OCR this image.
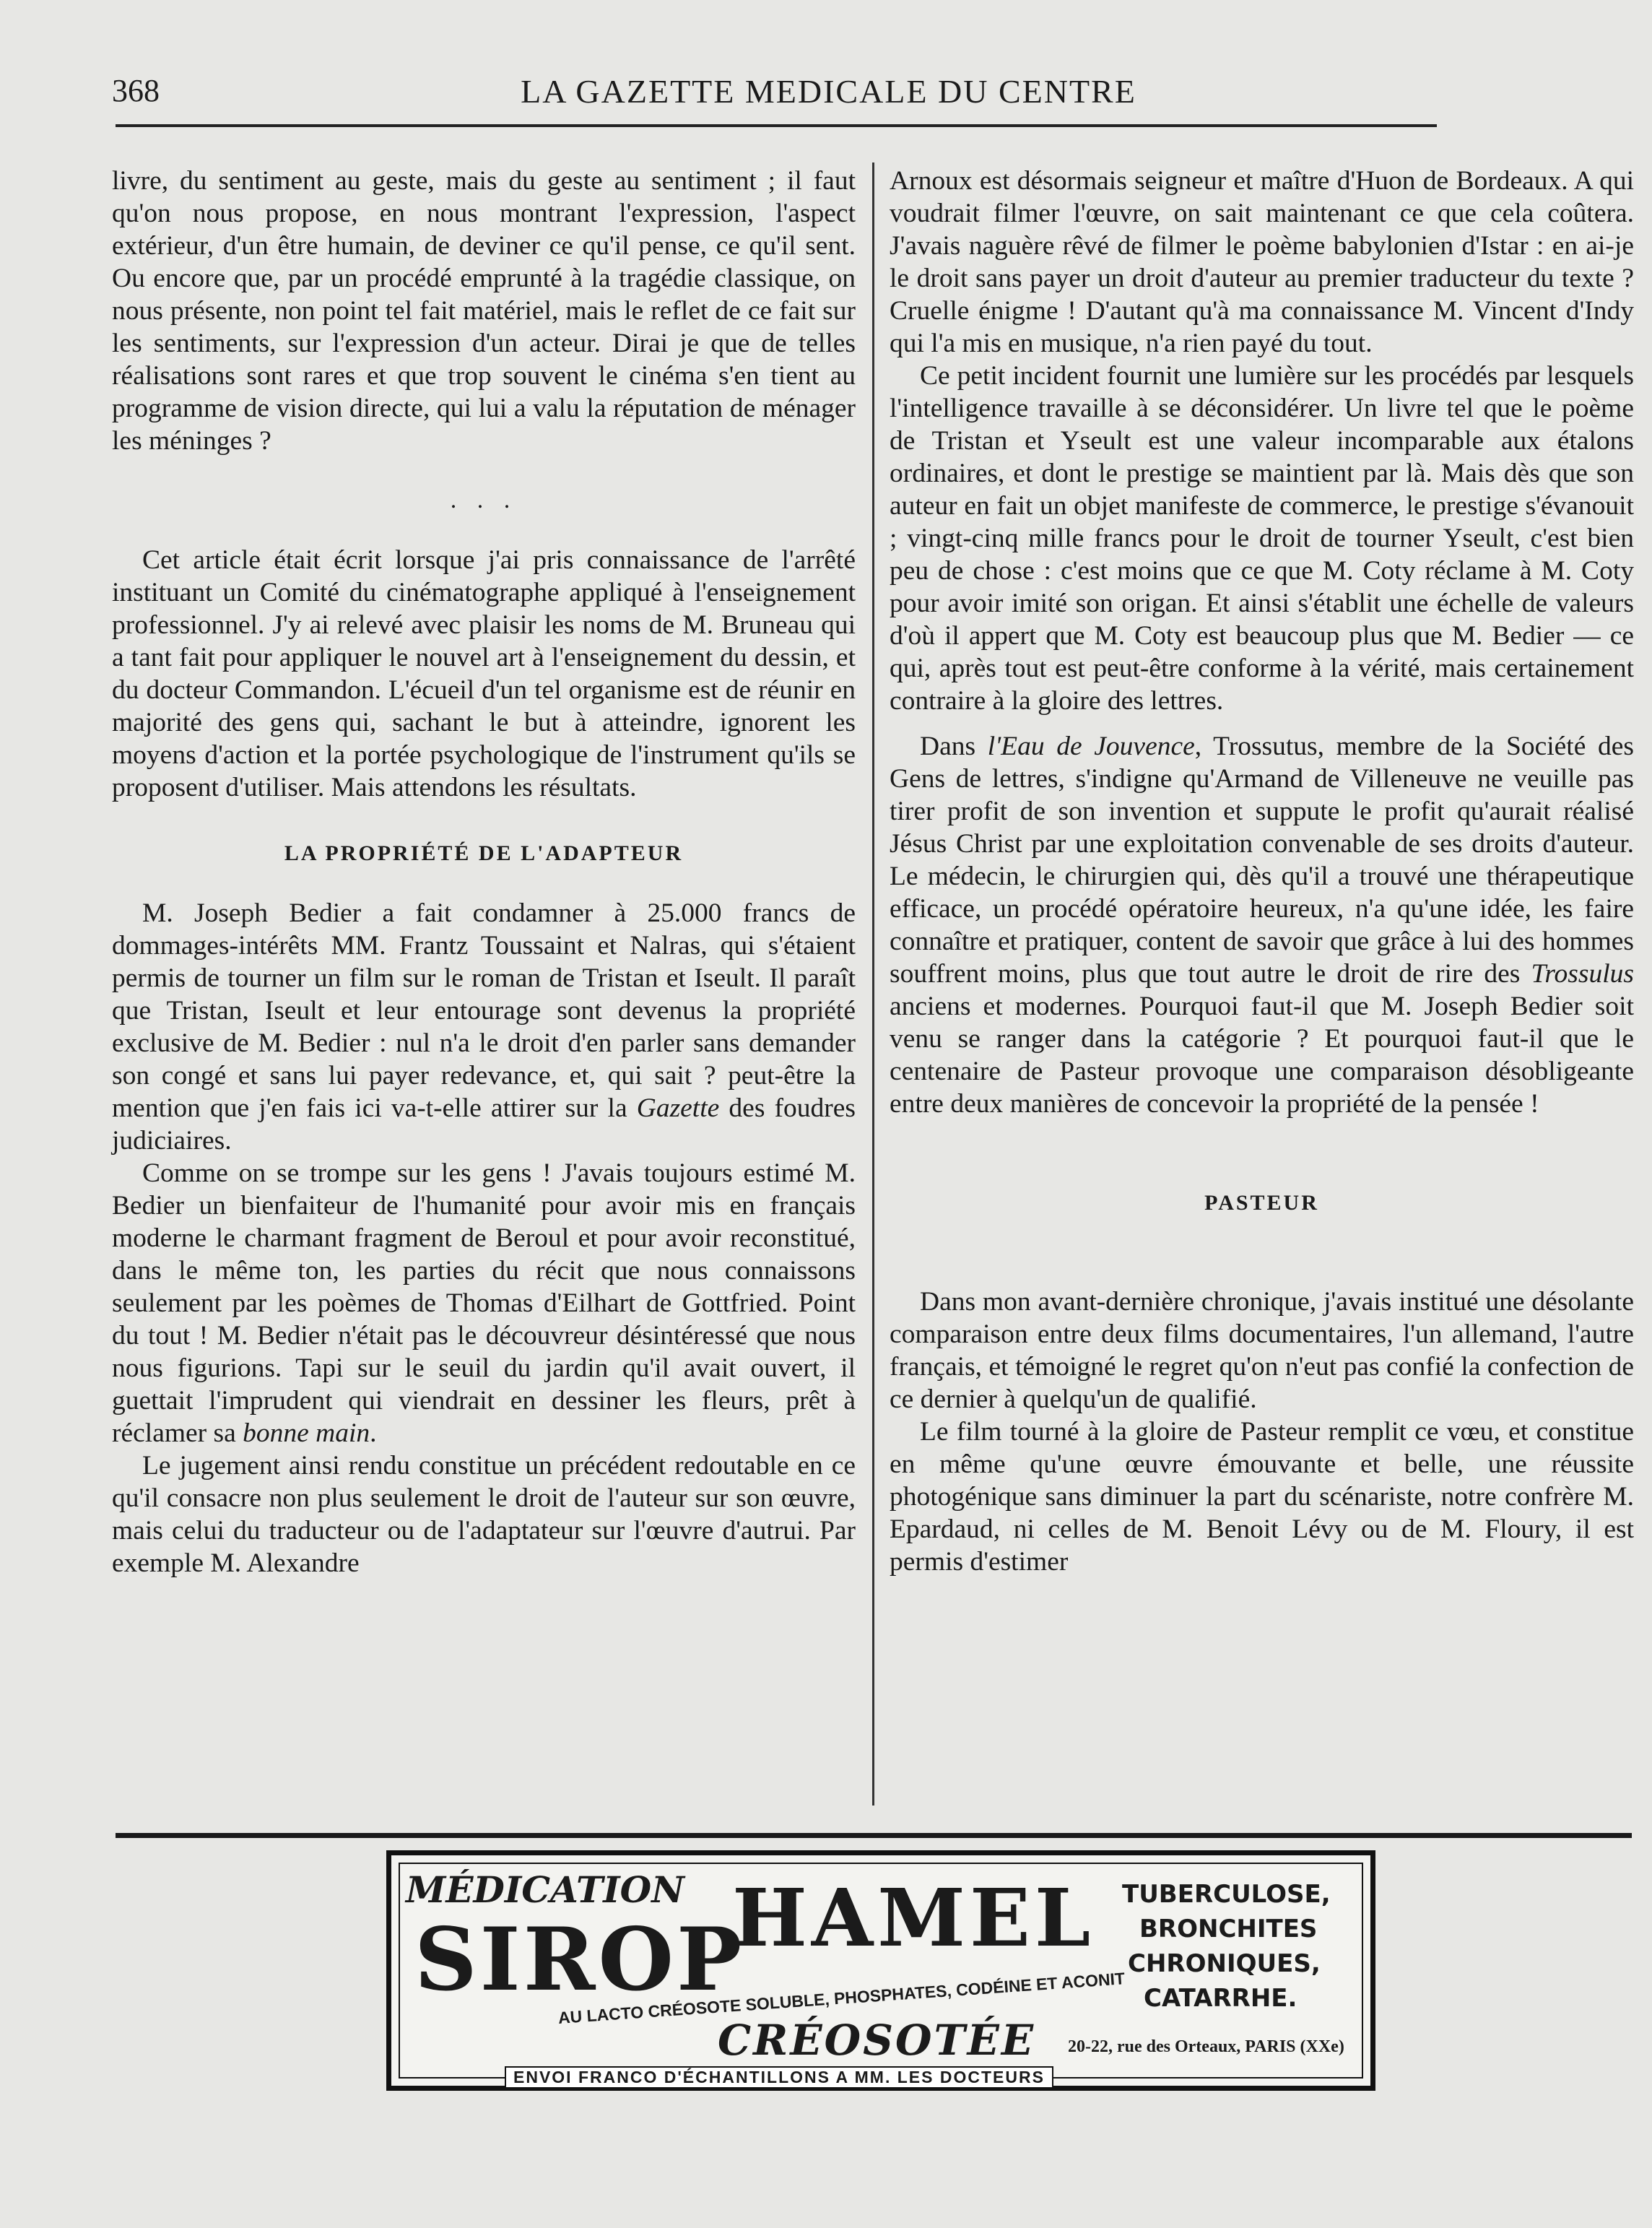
368	LA GAZETTE MEDICALE DU CENTRE

livre, du sentiment au geste, mais du geste au sentiment ; il faut qu'on nous propose, en nous montrant l'expression, l'aspect extérieur, d'un être humain, de deviner ce qu'il pense, ce qu'il sent. Ou encore que, par un procédé emprunté à la tragédie classique, on nous présente, non point tel fait matériel, mais le reflet de ce fait sur les sentiments, sur l'expression d'un acteur. Dirai je que de telles réalisations sont rares et que trop souvent le cinéma s'en tient au programme de vision directe, qui lui a valu la réputation de ménager les méninges ?

. . .

Cet article était écrit lorsque j'ai pris connaissance de l'arrêté instituant un Comité du cinématographe appliqué à l'enseignement professionnel. J'y ai relevé avec plaisir les noms de M. Bruneau qui a tant fait pour appliquer le nouvel art à l'enseignement du dessin, et du docteur Commandon. L'écueil d'un tel organisme est de réunir en majorité des gens qui, sachant le but à atteindre, ignorent les moyens d'action et la portée psychologique de l'instrument qu'ils se proposent d'utiliser. Mais attendons les résultats.

LA PROPRIÉTÉ DE L'ADAPTEUR

M. Joseph Bedier a fait condamner à 25.000 francs de dommages-intérêts MM. Frantz Toussaint et Nalras, qui s'étaient permis de tourner un film sur le roman de Tristan et Iseult. Il paraît que Tristan, Iseult et leur entourage sont devenus la propriété exclusive de M. Bedier : nul n'a le droit d'en parler sans demander son congé et sans lui payer redevance, et, qui sait ? peut-être la mention que j'en fais ici va-t-elle attirer sur la Gazette des foudres judiciaires.

Comme on se trompe sur les gens ! J'avais toujours estimé M. Bedier un bienfaiteur de l'humanité pour avoir mis en français moderne le charmant fragment de Beroul et pour avoir reconstitué, dans le même ton, les parties du récit que nous connaissons seulement par les poèmes de Thomas d'Eilhart de Gottfried. Point du tout ! M. Bedier n'était pas le découvreur désintéressé que nous nous figurions. Tapi sur le seuil du jardin qu'il avait ouvert, il guettait l'imprudent qui viendrait en dessiner les fleurs, prêt à réclamer sa bonne main.

Le jugement ainsi rendu constitue un précédent redoutable en ce qu'il consacre non plus seulement le droit de l'auteur sur son œuvre, mais celui du traducteur ou de l'adaptateur sur l'œuvre d'autrui. Par exemple M. Alexandre

Arnoux est désormais seigneur et maître d'Huon de Bordeaux. A qui voudrait filmer l'œuvre, on sait maintenant ce que cela coûtera. J'avais naguère rêvé de filmer le poème babylonien d'Istar : en ai-je le droit sans payer un droit d'auteur au premier traducteur du texte ? Cruelle énigme ! D'autant qu'à ma connaissance M. Vincent d'Indy qui l'a mis en musique, n'a rien payé du tout.

Ce petit incident fournit une lumière sur les procédés par lesquels l'intelligence travaille à se déconsidérer. Un livre tel que le poème de Tristan et Yseult est une valeur incomparable aux étalons ordinaires, et dont le prestige se maintient par là. Mais dès que son auteur en fait un objet manifeste de commerce, le prestige s'évanouit ; vingt-cinq mille francs pour le droit de tourner Yseult, c'est bien peu de chose : c'est moins que ce que M. Coty réclame à M. Coty pour avoir imité son origan. Et ainsi s'établit une échelle de valeurs d'où il appert que M. Coty est beaucoup plus que M. Bedier — ce qui, après tout est peut-être conforme à la vérité, mais certainement contraire à la gloire des lettres.

Dans l'Eau de Jouvence, Trossutus, membre de la Société des Gens de lettres, s'indigne qu'Armand de Villeneuve ne veuille pas tirer profit de son invention et suppute le profit qu'aurait réalisé Jésus Christ par une exploitation convenable de ses droits d'auteur. Le médecin, le chirurgien qui, dès qu'il a trouvé une thérapeutique efficace, un procédé opératoire heureux, n'a qu'une idée, les faire connaître et pratiquer, content de savoir que grâce à lui des hommes souffrent moins, plus que tout autre le droit de rire des Trossulus anciens et modernes. Pourquoi faut-il que M. Joseph Bedier soit venu se ranger dans la catégorie ? Et pourquoi faut-il que le centenaire de Pasteur provoque une comparaison désobligeante entre deux manières de concevoir la propriété de la pensée !

PASTEUR

Dans mon avant-dernière chronique, j'avais institué une désolante comparaison entre deux films documentaires, l'un allemand, l'autre français, et témoigné le regret qu'on n'eut pas confié la confection de ce dernier à quelqu'un de qualifié.

Le film tourné à la gloire de Pasteur remplit ce vœu, et constitue en même qu'une œuvre émouvante et belle, une réussite photogénique sans diminuer la part du scénariste, notre confrère M. Epardaud, ni celles de M. Benoit Lévy ou de M. Floury, il est permis d'estimer

MÉDICATION
SIROP
HAMEL
AU LACTO CRÉOSOTE SOLUBLE, PHOSPHATES, CODÉINE ET ACONIT
CRÉOSOTÉE 20-22, rue des Orteaux, PARIS (XXe)
ENVOI FRANCO D'ÉCHANTILLONS A MM. LES DOCTEURS
TUBERCULOSE,
BRONCHITES
CHRONIQUES,
CATARRHE.
